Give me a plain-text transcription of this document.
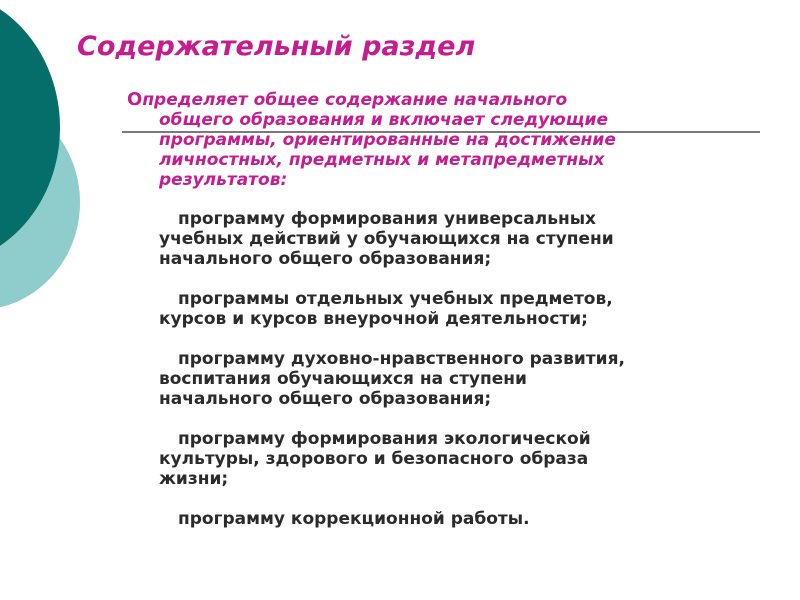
Содержательный раздел

Определяет общее содержание начального
общего образования и включает следующие
программы, ориентированные на достижение
личностных, предметных и метапредметных
результатов:

программу формирования универсальных
учебных действий у обучающихся на ступени
начального общего образования;
программы отдельных учебных предметов,
курсов и курсов внеурочной деятельности;
программу духовно-нравственного развития,
воспитания обучающихся на ступени
начального общего образования;
программу формирования экологической
культуры, здорового и безопасного образа
жизни;
программу коррекционной работы.
